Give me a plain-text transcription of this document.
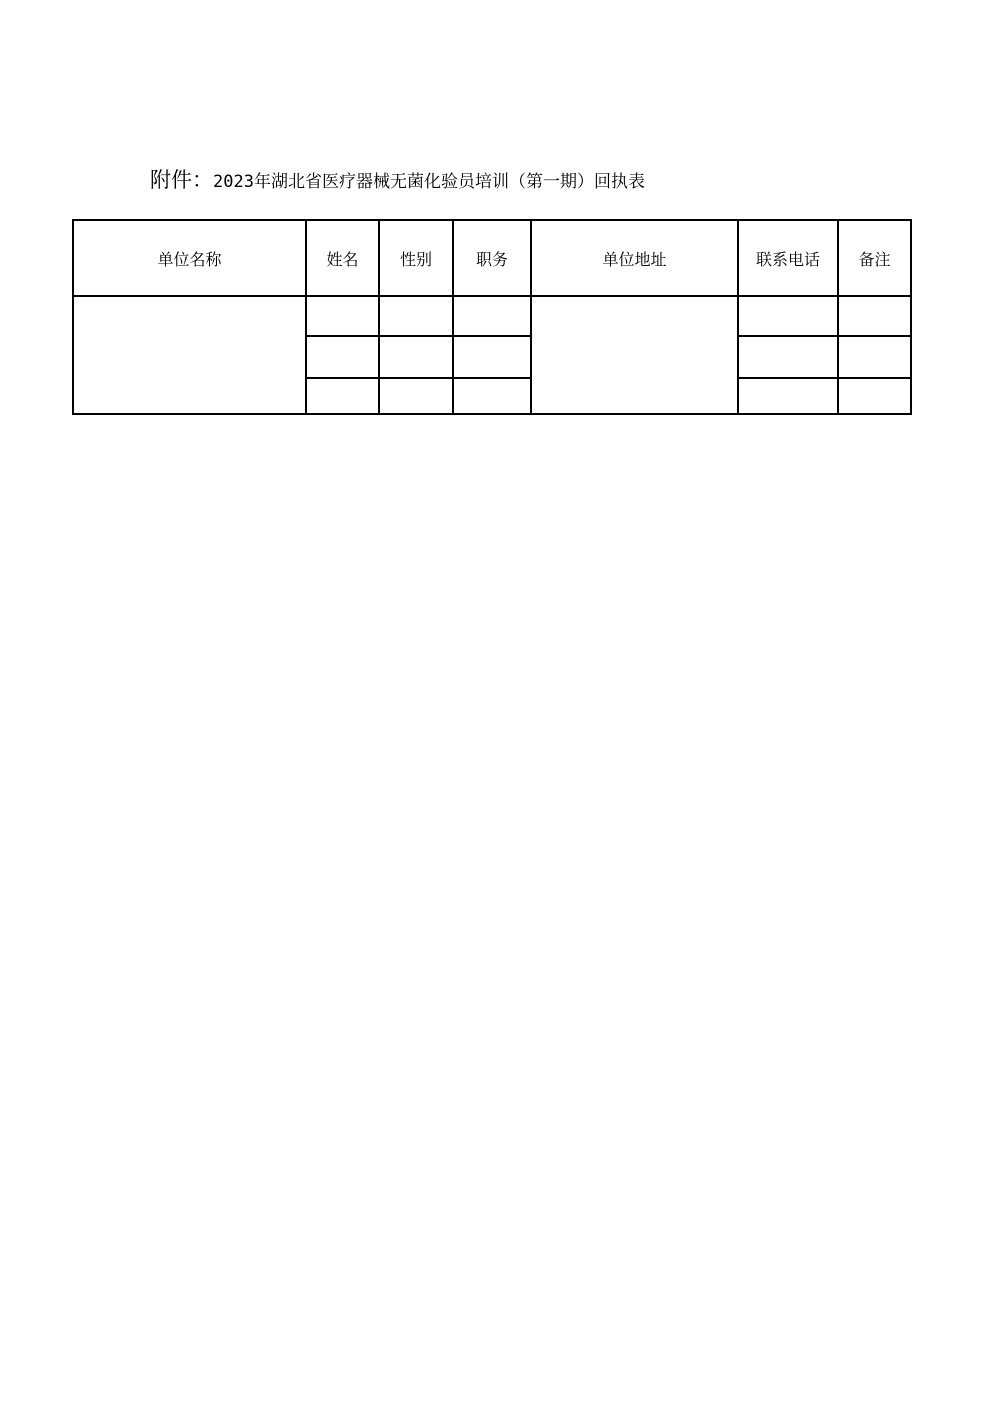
附件：2023年湖北省医疗器械无菌化验员培训（第一期）回执表
单位名称	姓名	性别	职务	单位地址	联系电话	备注
